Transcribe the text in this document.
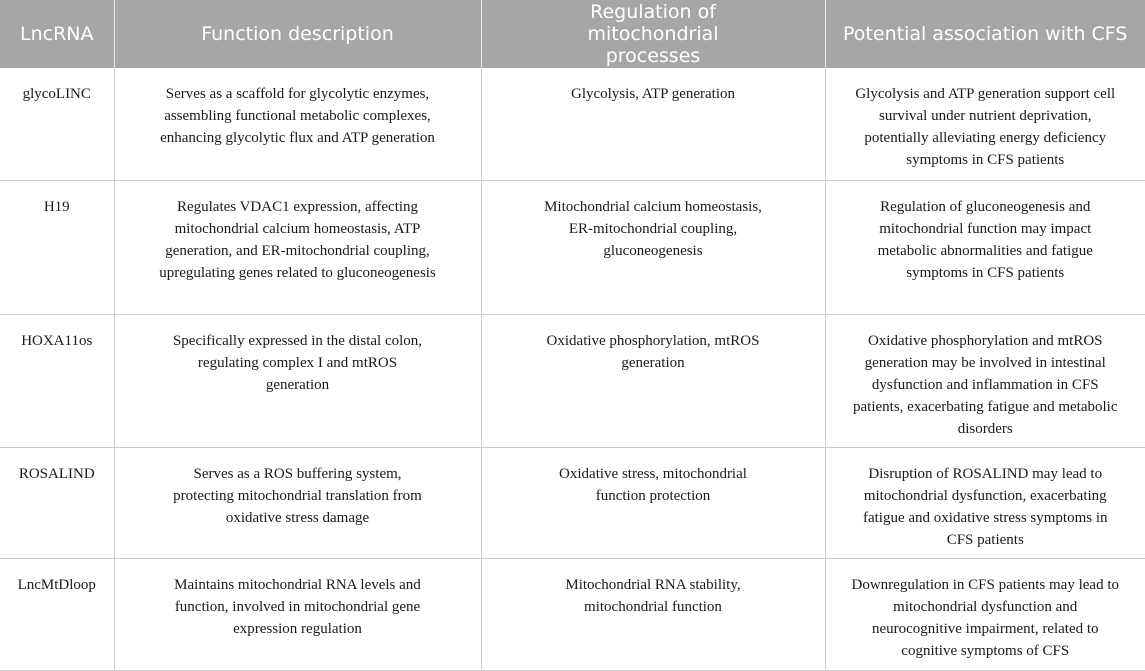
LncRNA	Function description	Regulation of mitochondrial processes	Potential association with CFS
glycoLINC	Serves as a scaffold for glycolytic enzymes, assembling functional metabolic complexes, enhancing glycolytic flux and ATP generation	Glycolysis, ATP generation	Glycolysis and ATP generation support cell survival under nutrient deprivation, potentially alleviating energy deficiency symptoms in CFS patients
H19	Regulates VDAC1 expression, affecting mitochondrial calcium homeostasis, ATP generation, and ER-mitochondrial coupling, upregulating genes related to gluconeogenesis	Mitochondrial calcium homeostasis, ER-mitochondrial coupling, gluconeogenesis	Regulation of gluconeogenesis and mitochondrial function may impact metabolic abnormalities and fatigue symptoms in CFS patients
HOXA11os	Specifically expressed in the distal colon, regulating complex I and mtROS generation	Oxidative phosphorylation, mtROS generation	Oxidative phosphorylation and mtROS generation may be involved in intestinal dysfunction and inflammation in CFS patients, exacerbating fatigue and metabolic disorders
ROSALIND	Serves as a ROS buffering system, protecting mitochondrial translation from oxidative stress damage	Oxidative stress, mitochondrial function protection	Disruption of ROSALIND may lead to mitochondrial dysfunction, exacerbating fatigue and oxidative stress symptoms in CFS patients
LncMtDloop	Maintains mitochondrial RNA levels and function, involved in mitochondrial gene expression regulation	Mitochondrial RNA stability, mitochondrial function	Downregulation in CFS patients may lead to mitochondrial dysfunction and neurocognitive impairment, related to cognitive symptoms of CFS
